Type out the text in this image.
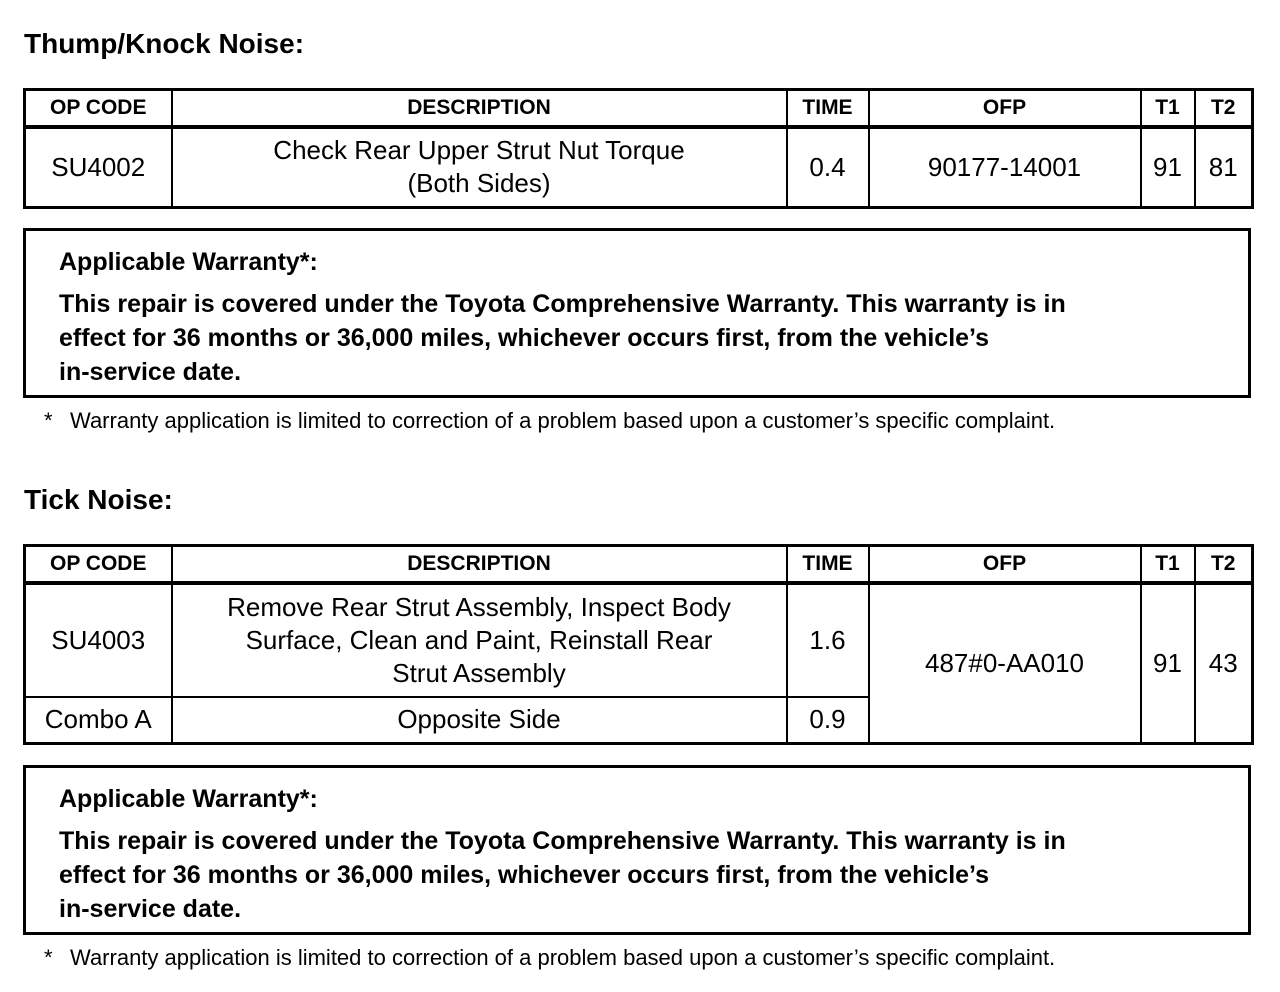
Thump/Knock Noise:
OP CODE	DESCRIPTION	TIME	OFP	T1	T2
SU4002	Check Rear Upper Strut Nut Torque
(Both Sides)	0.4	90177-14001	91	81
Applicable Warranty*:
This repair is covered under the Toyota Comprehensive Warranty. This warranty is in
effect for 36 months or 36,000 miles, whichever occurs first, from the vehicle’s
in-service date.
* Warranty application is limited to correction of a problem based upon a customer’s specific complaint.
Tick Noise:
OP CODE	DESCRIPTION	TIME	OFP	T1	T2
SU4003	Remove Rear Strut Assembly, Inspect Body
Surface, Clean and Paint, Reinstall Rear
Strut Assembly	1.6	487#0-AA010	91	43
Combo A	Opposite Side	0.9			
Applicable Warranty*:
This repair is covered under the Toyota Comprehensive Warranty. This warranty is in
effect for 36 months or 36,000 miles, whichever occurs first, from the vehicle’s
in-service date.
* Warranty application is limited to correction of a problem based upon a customer’s specific complaint.
